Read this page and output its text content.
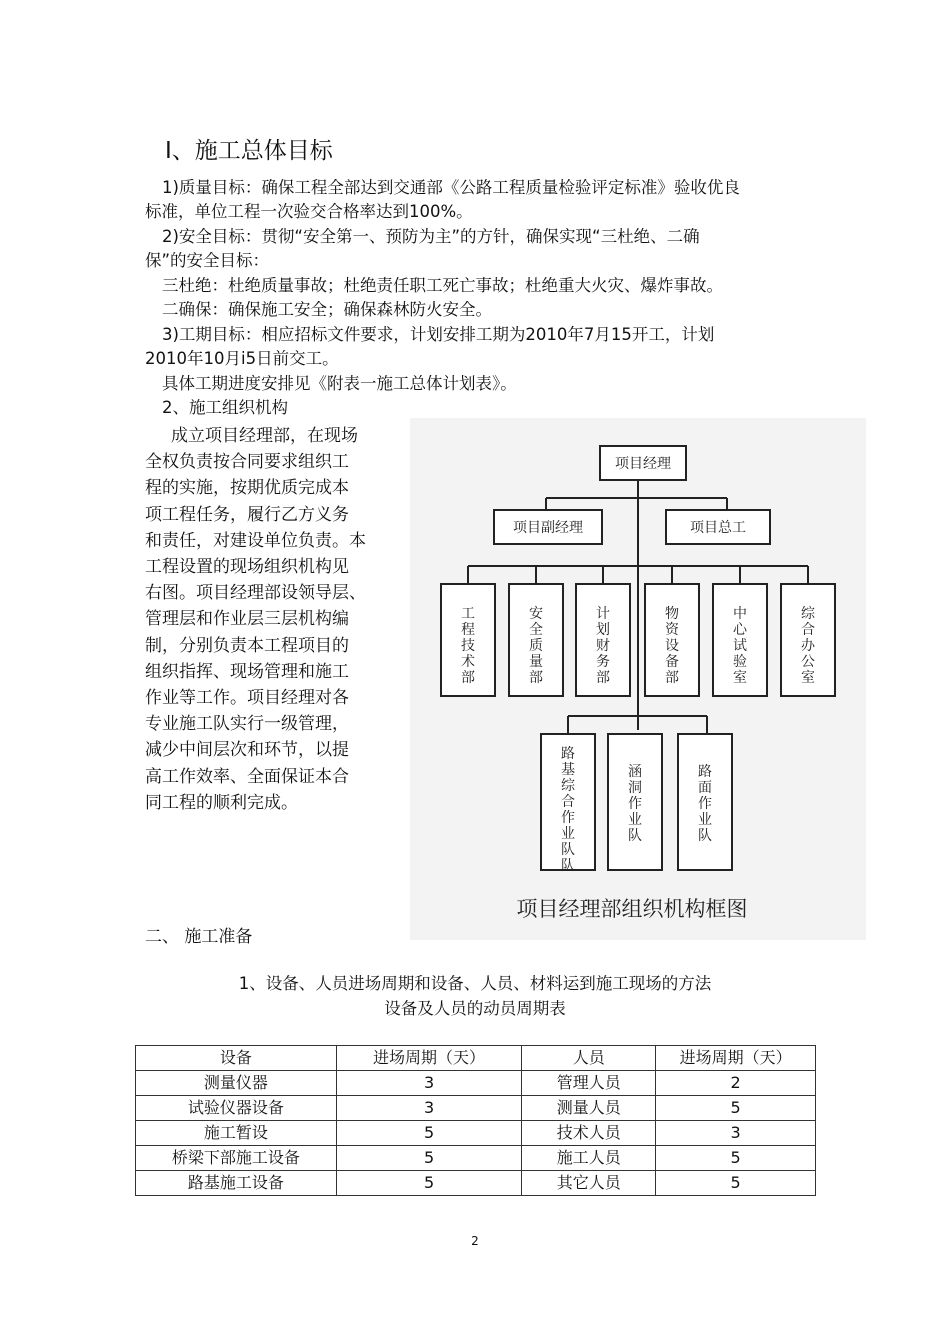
I、施工总体目标
1)质量目标：确保工程全部达到交通部《公路工程质量检验评定标准》验收优良
标准，单位工程一次验交合格率达到100%。
2)安全目标：贯彻“安全第一、预防为主”的方针，确保实现“三杜绝、二确
保”的安全目标：
三杜绝：杜绝质量事故；杜绝责任职工死亡事故；杜绝重大火灾、爆炸事故。
二确保：确保施工安全；确保森林防火安全。
3)工期目标：相应招标文件要求，计划安排工期为2010年7月15开工，计划
2010年10月i5日前交工。
具体工期进度安排见《附表一施工总体计划表》。
2、施工组织机构
成立项目经理部，在现场
全权负责按合同要求组织工
程的实施，按期优质完成本
项工程任务，履行乙方义务
和责任，对建设单位负责。本
工程设置的现场组织机构见
右图。项目经理部设领导层、
管理层和作业层三层机构编
制，分别负责本工程项目的
组织指挥、现场管理和施工
作业等工作。项目经理对各
专业施工队实行一级管理，
减少中间层次和环节，以提
高工作效率、全面保证本合
同工程的顺利完成。
项目经理
项目副经理	项目总工
工程技术部
安全质量部
计划财务部
物资设备部
中心试验室
综合办公室
路基综合作业队队
涵洞作业队
路面作业队
项目经理部组织机构框图
二、 施工准备
1、设备、人员进场周期和设备、人员、材料运到施工现场的方法
设备及人员的动员周期表
设备	进场周期（天）	人员	进场周期（天）
测量仪器	3	管理人员	2
试验仪器设备	3	测量人员	5
施工暂设	5	技术人员	3
桥梁下部施工设备	5	施工人员	5
路基施工设备	5	其它人员	5
2
